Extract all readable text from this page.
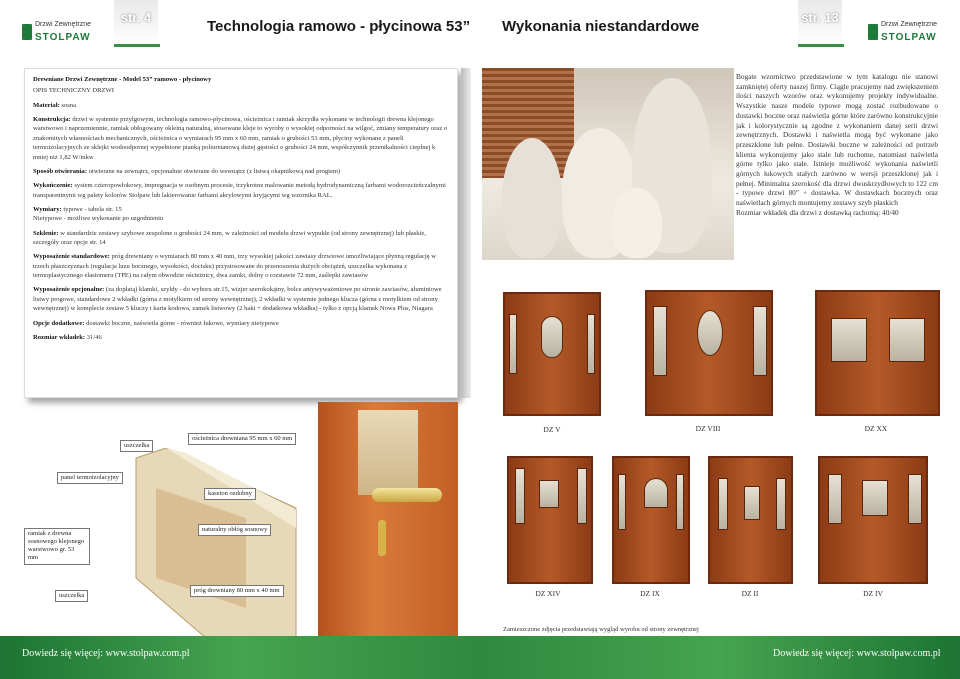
Drzwi Zewnętrzne
STOLPAW
str. 4
Technologia ramowo - płycinowa 53” Wykonania niestandardowe
str. 13	Drzwi Zewnętrzne
STOLPAW

Drewniane Drzwi Zewnętrzne - Model 53” ramowo - płycinowy

OPIS TECHNICZNY DRZWI

Materiał: sosna

Konstrukcja: drzwi w systemie przylgowym, technologia ramowo-płycinowa, ościeżnica i ramiak skrzydła wykonane w technologii drewna klejonego warstwowo i naprzemiennie, ramiak obłogowany okleiną naturalną, stosowane kleje to wyroby o wysokiej odporności na wilgoć, zmiany temperatury oraz o znakomitych własnościach mechanicznych, ościeżnica o wymiarach 95 mm x 60 mm, ramiak o grubości 53 mm, płyciny wykonane z paneli termoizolacyjnych ze sklejki wodoodpornej wypełnione pianką poliuretanową dużej gęstości o grubości 24 mm, współczynnik przenikalności cieplnej k mniej niż 1,82 W/mkw

Sposób otwierania: otwierane na zewnątrz, opcjonalnie otwierane do wewnątrz (z listwą okapnikową nad progiem)

Wykończenie: system czteropowłokowy, impregnacja w osobnym procesie, trzykrotne malowanie metodą hydrodynamiczną farbami wodorozcieńczalnymi transparentnymi wg palety kolorów Stolpaw lub lakierowanie farbami akrylowymi kryjącymi wg wzornika RAL.

Wymiary: typowe - tabela str. 15

Nietypowe - możliwe wykonanie po uzgodnieniu

Szklenie: w standardzie zestawy szybowe zespolone o grubości 24 mm, w zależności od modelu drzwi wypukłe (od strony zewnętrznej) lub płaskie, szczegóły oraz opcje str. 14

Wyposażenie standardowe: próg drewniany o wymiarach 80 mm x 40 mm, trzy wysokiej jakości zawiasy drzwiowe umożliwiające płynną regulację w trzech płaszczyznach (regulacja luzu bocznego, wysokości, docisku) przystosowane do przenoszenia dużych obciążeń, uszczelka wykonana z termoplastycznego elastomeru (TPE) na całym obwodzie ościeżnicy, dwa zamki, dolny o rozstawie 72 mm, zaślepki zawiasów

Wyposażenie opcjonalne: (za dopłatą) klamki, szyldy - do wyboru str.15, wizjer szerokokątny, bolce antywyważeniowe po stronie zawiasów, aluminiowe listwy progowe, standardowe 2 wkładki (górna z motylkiem od strony wewnętrznej), 2 wkładki w systemie jednego klucza (górna z motylkiem od strony wewnętrznej) w komplecie zestaw 5 kluczy i karta kodowa, zamek listwowy (2 haki + dodatkowa wkładka) - tylko z opcją klamek Nowa Plus, Niagara

Opcje dodatkowe: dostawki boczne, naświetla górne - również łukowe, wymiary nietypowe

Rozmiar wkładek: 31/46

uszczelka
ościeżnica drewniana 95 mm x 60 mm
panel termoizolacyjny
kaseton ozdobny
ramiak z drewna sosnowego klejonego warstwowo gr. 53 mm
naturalny obłóg sosnowy
uszczelka
próg drewniany 80 mm x 40 mm
Bogate wzornictwo przedstawione w tym katalogu nie stanowi zamkniętej oferty naszej firmy. Ciągle pracujemy nad zwiększeniem ilości naszych wzorów oraz wykonujemy projekty indywidualne. Wszystkie nasze modele typowe mogą zostać rozbudowane o dostawki boczne oraz naświetla górne które zarówno konstrukcyjnie jak i kolorystycznie są zgodne z wykonaniem danej serii drzwi zewnętrznych. Dostawki i naświetla mogą być wykonane jako przeszklone lub pełne. Dostawki boczne w zależności od potrzeb klienta wykonujemy jako stałe lub ruchome, natomiast naświetla górne tylko jako stałe. Istnieje możliwość wykonania naświetli górnych łukowych stałych zarówno w wersji przeszklonej jak i pełnej. Minimalna szerokość dla drzwi dwuskrzydłowych to 122 cm - typowe drzwi 80” + dostawka. W dostawkach bocznych oraz naświetlach górnych montujemy zestawy szyb płaskich
Rozmiar wkładek dla drzwi z dostawką rachomą: 40/40
DZ V	DZ VIII	DZ XX
DZ XIV	DZ IX	DZ II	DZ IV
Zamieszczone zdjęcia przedstawiają wygląd wyrobu od strony zewnętrznej
Dowiedz się więcej: www.stolpaw.com.pl	Dowiedz się więcej: www.stolpaw.com.pl
